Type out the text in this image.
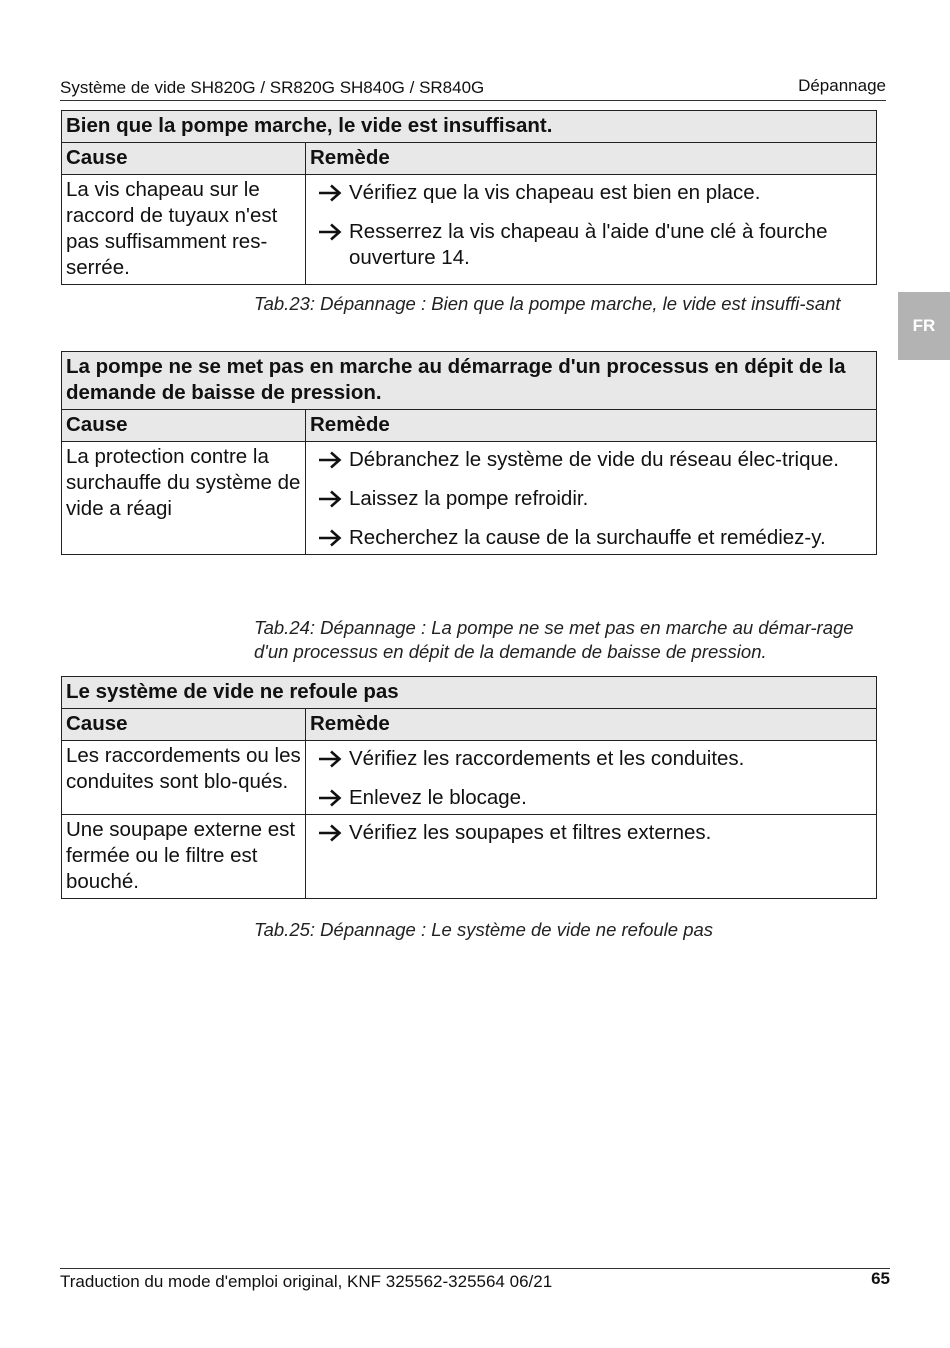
Système de vide SH820G / SR820G SH840G / SR840G	Dépannage
FR
Bien que la pompe marche, le vide est insuffisant.	
Cause	Remède
La vis chapeau sur le raccord de tuyaux n'est pas suffisamment res-serrée.	Vérifiez que la vis chapeau est bien en place.
Resserrez la vis chapeau à l'aide d'une clé à fourche ouverture 14.
Tab.23: Dépannage : Bien que la pompe marche, le vide est insuffi-sant
La pompe ne se met pas en marche au démarrage d'un processus en dépit de la demande de baisse de pression.	
Cause	Remède
La protection contre la surchauffe du système de vide a réagi	Débranchez le système de vide du réseau élec-trique.
Laissez la pompe refroidir.
Recherchez la cause de la surchauffe et remédiez-y.
Tab.24: Dépannage : La pompe ne se met pas en marche au démar-rage d'un processus en dépit de la demande de baisse de pression.
Le système de vide ne refoule pas	
Cause	Remède
Les raccordements ou les conduites sont blo-qués.	Vérifiez les raccordements et les conduites.
Enlevez le blocage.

Une soupape externe est fermée ou le filtre est bouché.	Vérifiez les soupapes et filtres externes.
Tab.25: Dépannage : Le système de vide ne refoule pas
Traduction du mode d'emploi original, KNF 325562-325564 06/21	65
